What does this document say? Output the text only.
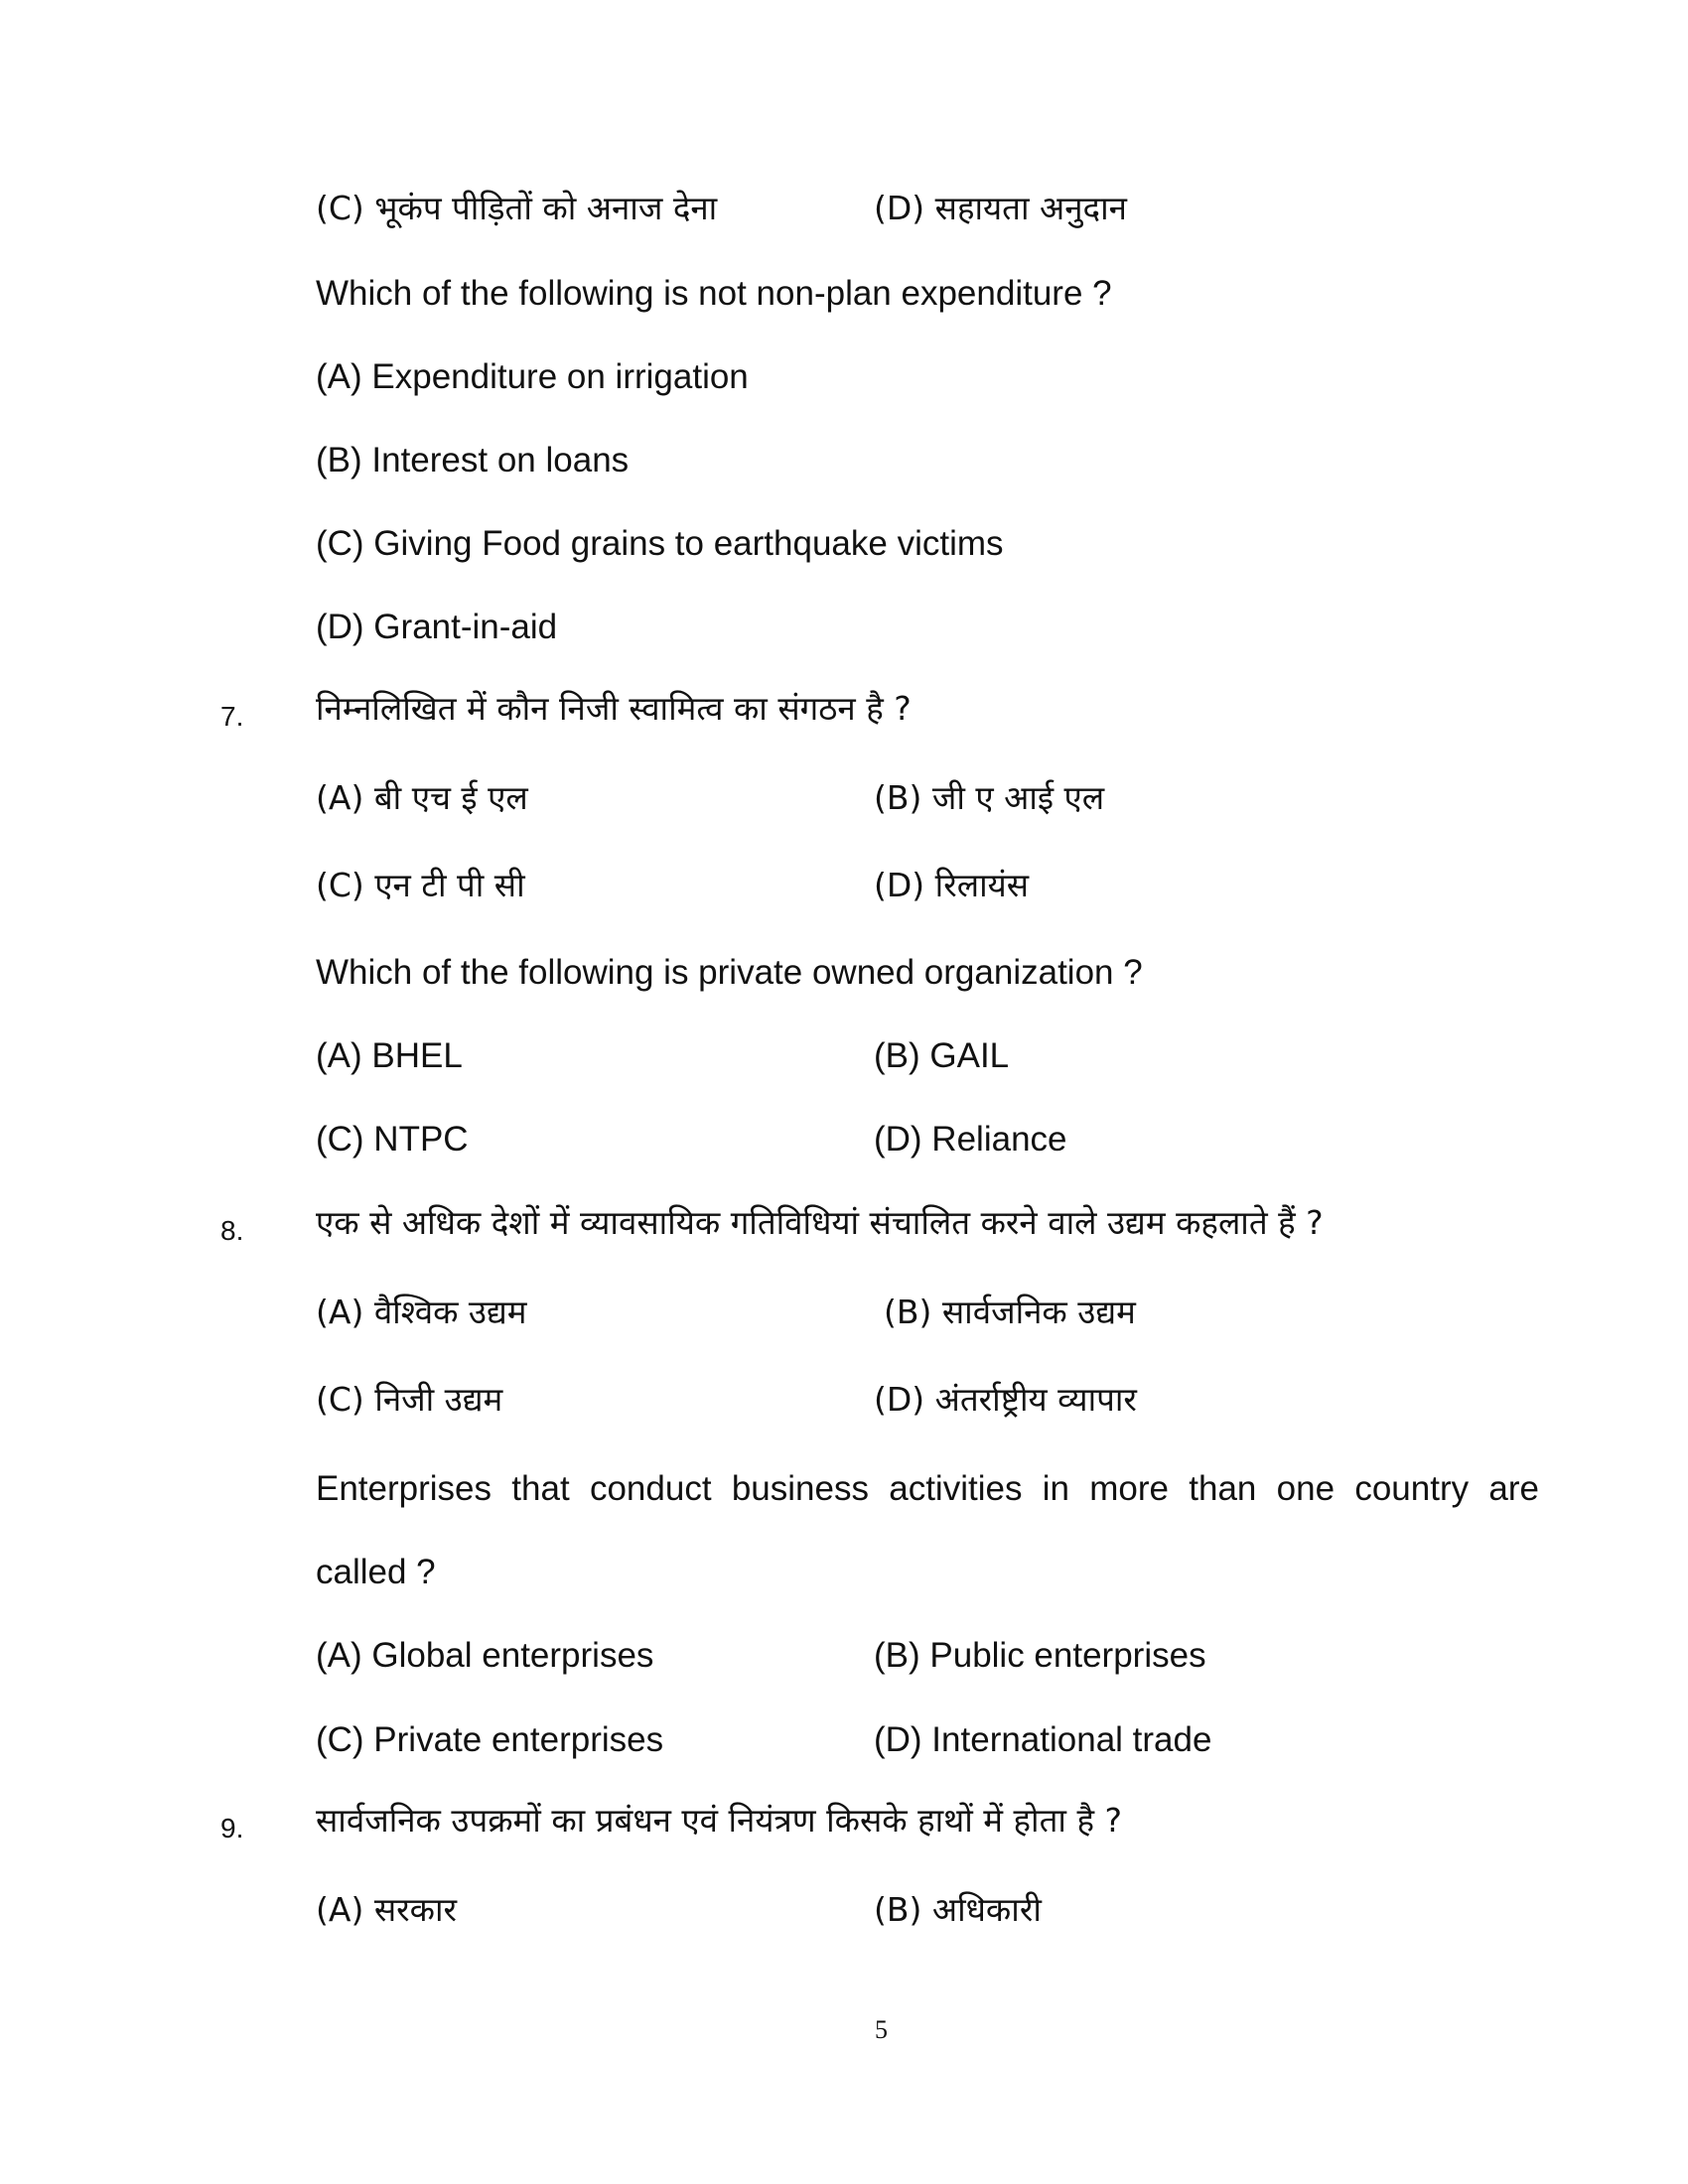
(C) भूकंप पीड़ितों को अनाज देना	(D) सहायता अनुदान
Which of the following is not non-plan expenditure ?
(A) Expenditure on irrigation
(B) Interest on loans
(C) Giving Food grains to earthquake victims
(D) Grant-in-aid
7. निम्नलिखित में कौन निजी स्वामित्व का संगठन है ?
(A) बी एच ई एल	(B) जी ए आई एल
(C) एन टी पी सी	(D) रिलायंस
Which of the following is private owned organization ?
(A) BHEL	(B) GAIL
(C) NTPC	(D) Reliance
8. एक से अधिक देशों में व्यावसायिक गतिविधियां संचालित करने वाले उद्यम कहलाते हैं ?
(A) वैश्विक उद्यम	(B) सार्वजनिक उद्यम
(C) निजी उद्यम	(D) अंतर्राष्ट्रीय व्यापार
Enterprises that conduct business activities in more than one country are
called ?
(A) Global enterprises	(B) Public enterprises
(C) Private enterprises	(D) International trade
9. सार्वजनिक उपक्रमों का प्रबंधन एवं नियंत्रण किसके हाथों में होता है ?
(A) सरकार	(B) अधिकारी
5
